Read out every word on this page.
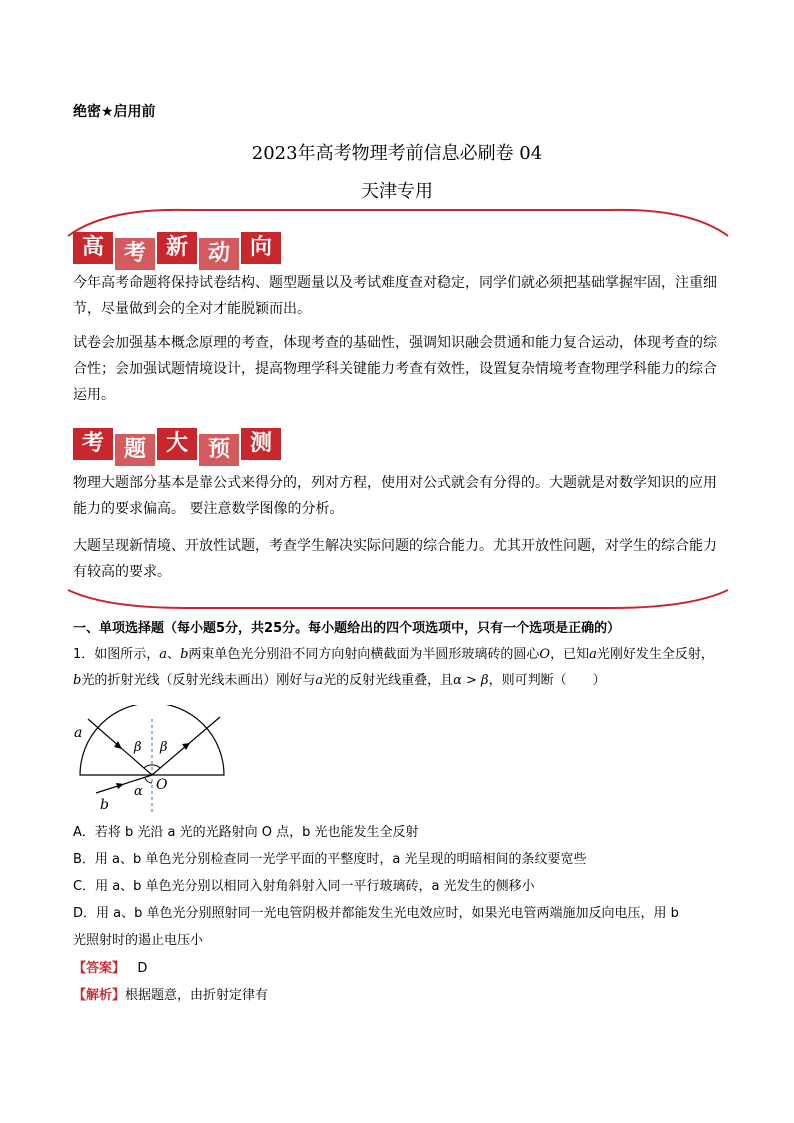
绝密★启用前
2023年高考物理考前信息必刷卷 04
天津专用
高 考 新 动 向
今年高考命题将保持试卷结构、题型题量以及考试难度查对稳定，同学们就必须把基础掌握牢固，注重细节，尽量做到会的全对才能脱颖而出。
试卷会加强基本概念原理的考查，体现考查的基础性，强调知识融会贯通和能力复合运动，体现考查的综合性；会加强试题情境设计，提高物理学科关键能力考查有效性，设置复杂情境考查物理学科能力的综合运用。
考 题 大 预 测
物理大题部分基本是靠公式来得分的，列对方程，使用对公式就会有分得的。大题就是对数学知识的应用能力的要求偏高。 要注意数学图像的分析。
大题呈现新情境、开放性试题，考查学生解决实际问题的综合能力。尤其开放性问题，对学生的综合能力有较高的要求。
一、单项选择题（每小题5分，共25分。每小题给出的四个项选项中，只有一个选项是正确的）
1．如图所示，a、b两束单色光分别沿不同方向射向横截面为半圆形玻璃砖的圆心O，已知a光刚好发生全反射，
b光的折射光线（反射光线未画出）刚好与a光的反射光线重叠，且α > β，则可判断（　　）
a
b
O
α
β β
A．若将 b 光沿 a 光的光路射向 O 点，b 光也能发生全反射
B．用 a、b 单色光分别检查同一光学平面的平整度时，a 光呈现的明暗相间的条纹要宽些
C．用 a、b 单色光分别以相同入射角斜射入同一平行玻璃砖，a 光发生的侧移小
D．用 a、b 单色光分别照射同一光电管阴极并都能发生光电效应时，如果光电管两端施加反向电压，用 b
光照射时的遏止电压小
【答案】 D
【解析】根据题意，由折射定律有
